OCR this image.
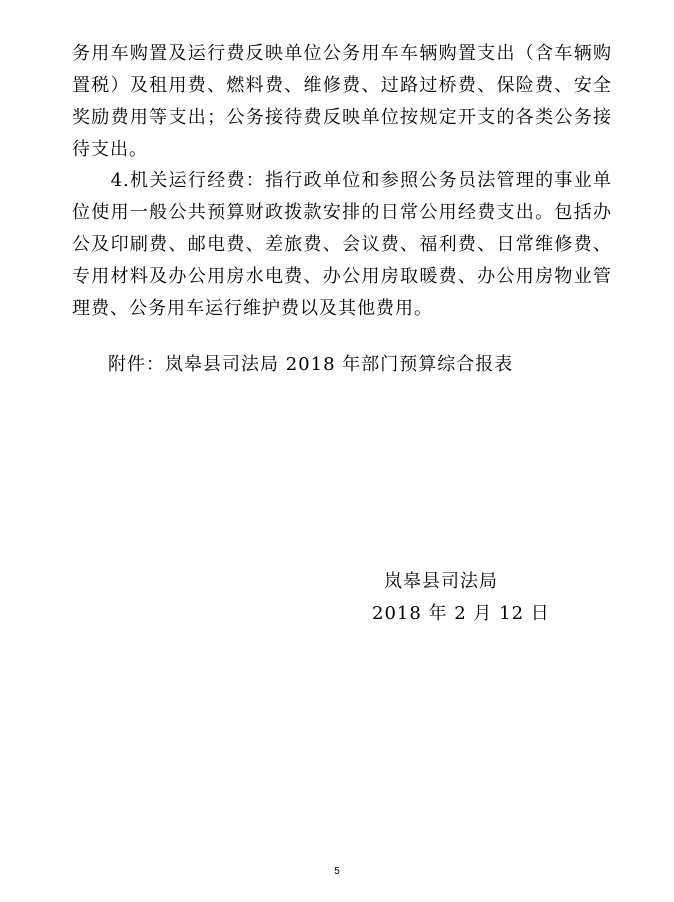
务用车购置及运行费反映单位公务用车车辆购置支出（含车辆购置税）及租用费、燃料费、维修费、过路过桥费、保险费、安全奖励费用等支出；公务接待费反映单位按规定开支的各类公务接待支出。

　　4.机关运行经费：指行政单位和参照公务员法管理的事业单位使用一般公共预算财政拨款安排的日常公用经费支出。包括办公及印刷费、邮电费、差旅费、会议费、福利费、日常维修费、专用材料及办公用房水电费、办公用房取暖费、办公用房物业管理费、公务用车运行维护费以及其他费用。

附件：岚皋县司法局 2018 年部门预算综合报表

岚皋县司法局
2018 年 2 月 12 日
5
